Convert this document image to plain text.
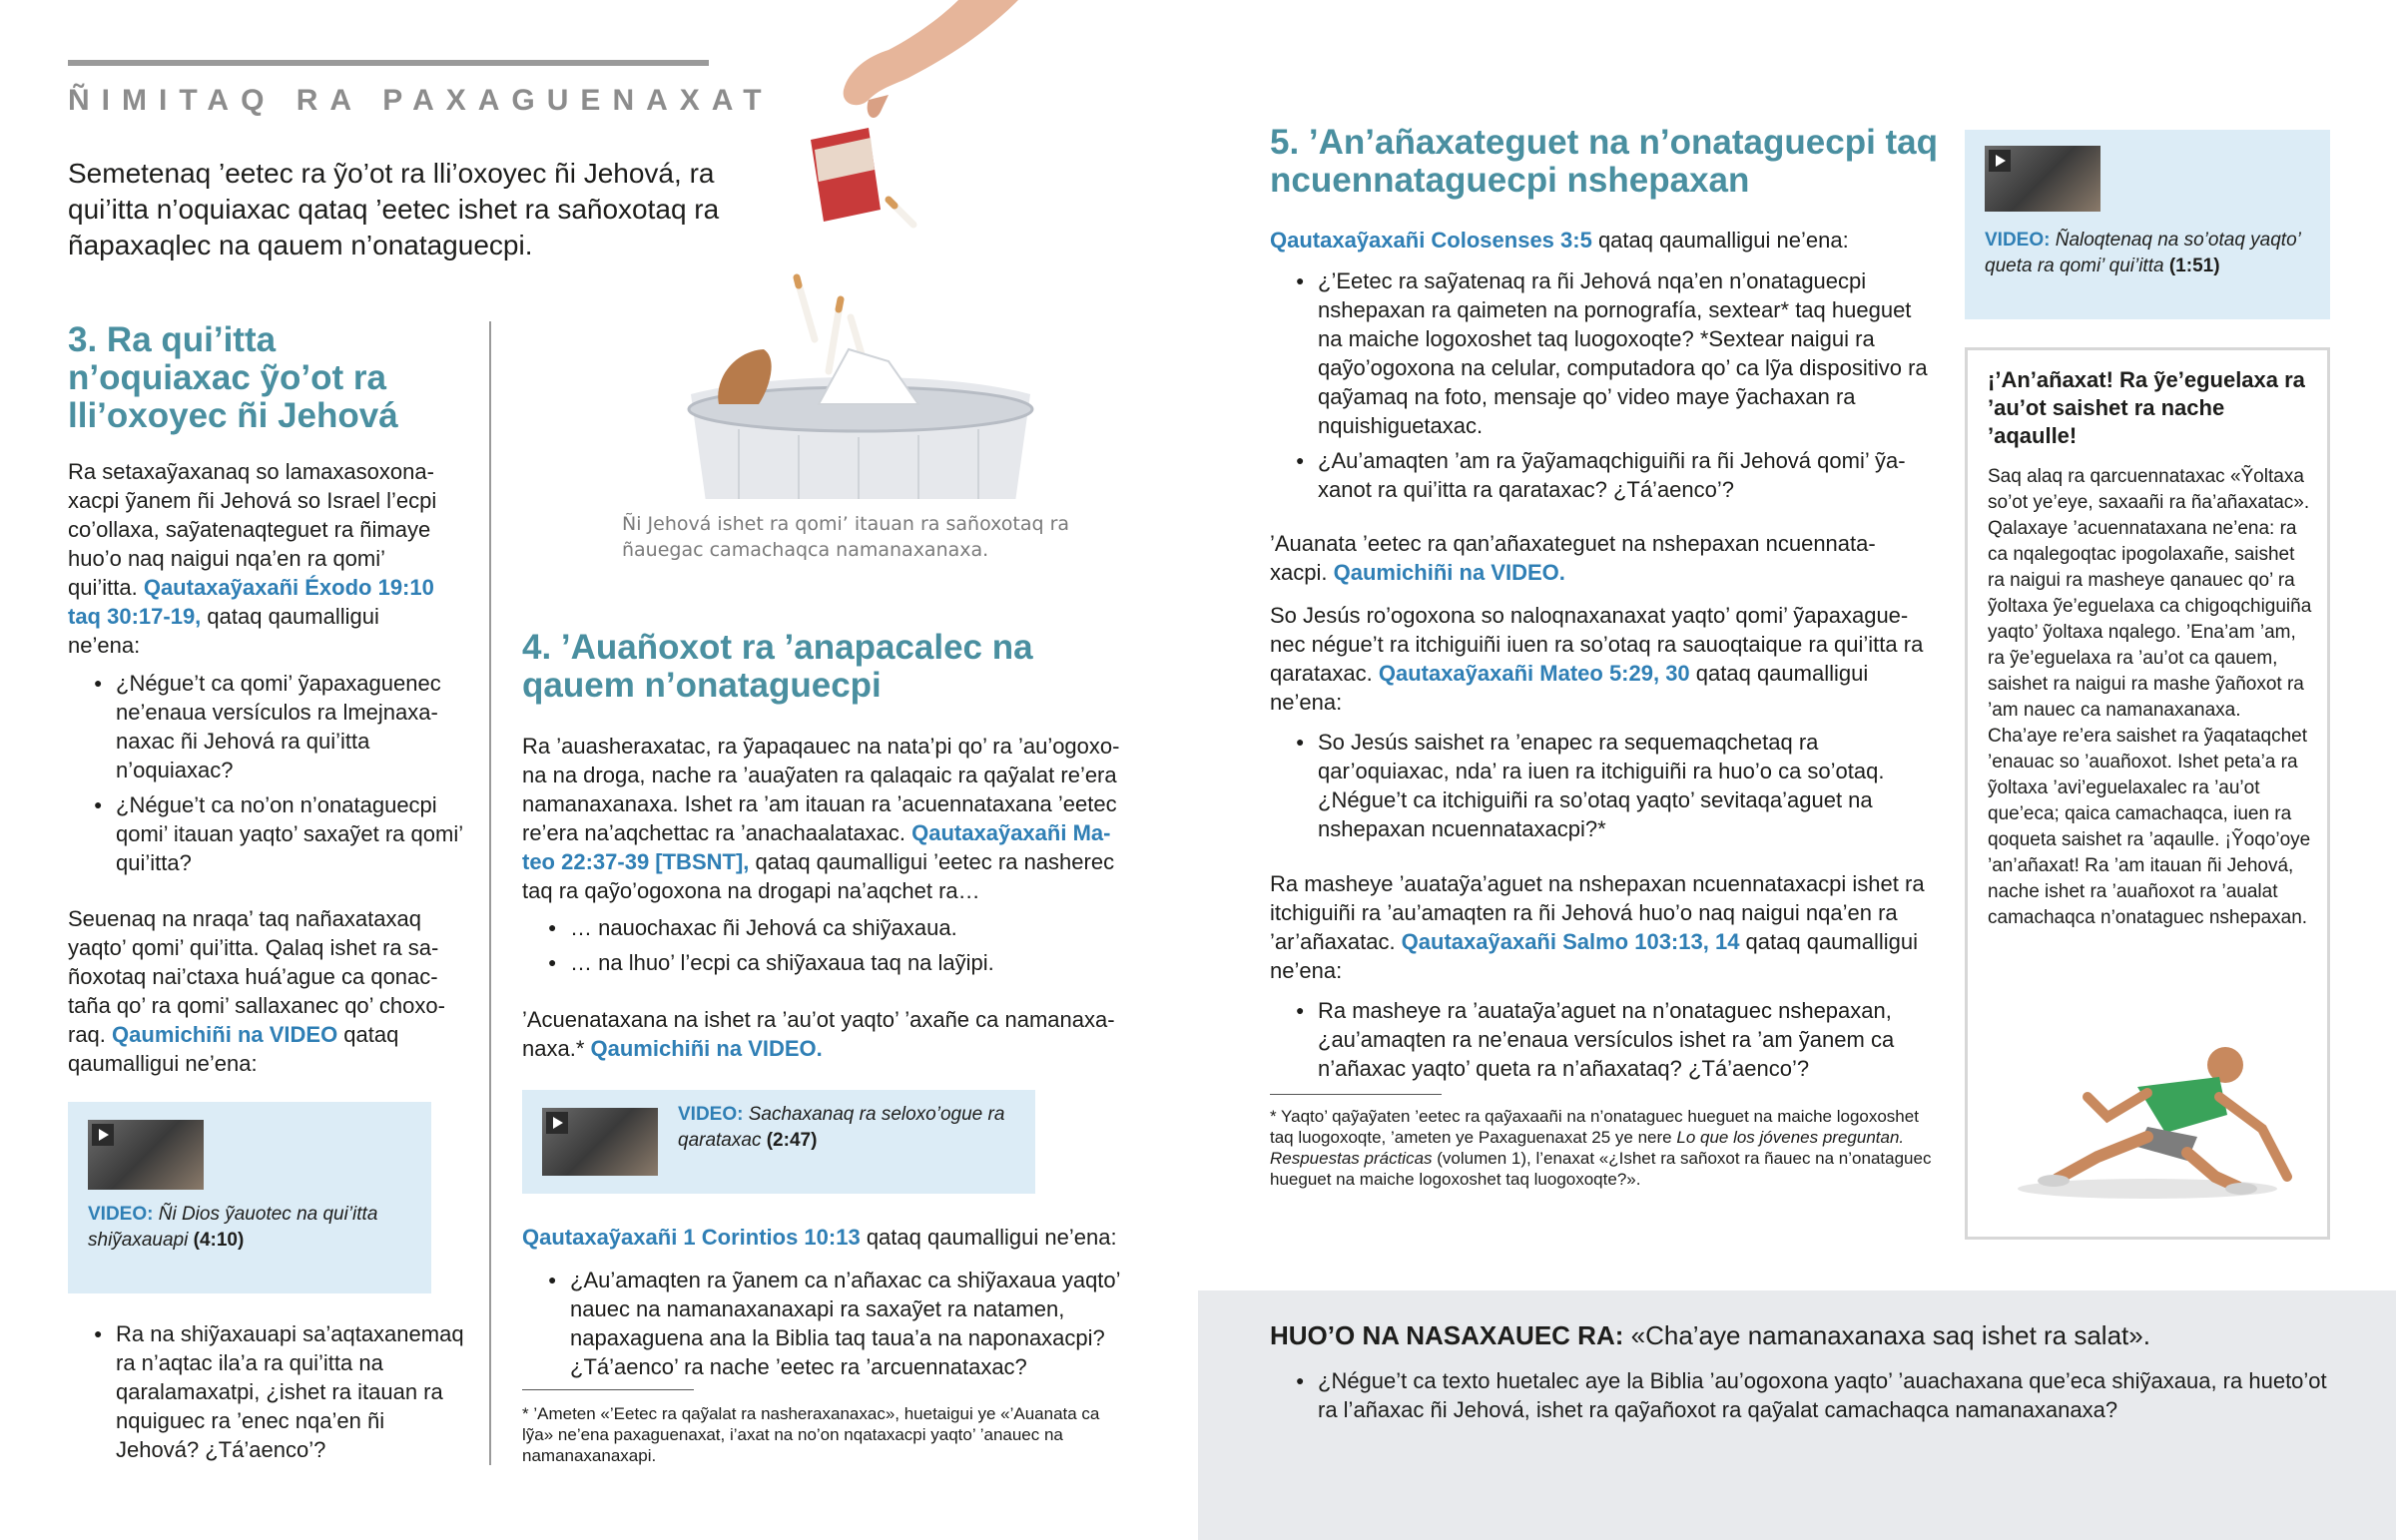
ÑIMITAQ RA PAXAGUENAXAT
Semetenaq ’eetec ra ỹo’ot ra lli’oxoyec ñi Jehová, ra qui’itta n’oquiaxac qataq ’eetec ishet ra sañoxotaq ra ñapaxaqlec na qauem n’onataguecpi.
3. Ra qui’itta n’oquiaxac ỹo’ot ra lli’oxoyec ñi Jehová

Ra setaxaỹaxanaq so lamaxasoxonaxacpi ỹanem ñi Jehová so Israel l’ecpi co’ollaxa, saỹatenaqteguet ra ñimaye huo’o naq naigui nqa’en ra qomi’ qui’itta. Qautaxaỹaxañi Éxodo 19:10 taq 30:17-19, qataq qaumalligui ne’ena:

● ¿Négue’t ca qomi’ ỹapaxaguenec ne’enaua versículos ra lmejnaxanaxac ñi Jehová ra qui’itta n’oquiaxac?
● ¿Négue’t ca no’on n’onataguecpi qomi’ itauan yaqto’ saxaỹet ra qomi’ qui’itta?

Seuenaq na nraqa’ taq nañaxataxaq yaqto’ qomi’ qui’itta. Qalaq ishet ra sañoxotaq nai’ctaxa huá’ague ca qonactaña qo’ ra qomi’ sallaxanec qo’ choxoraq. Qaumichiñi na VIDEO qataq qaumalligui ne’ena:

VIDEO: Ñi Dios ỹauotec na qui’itta shiỹaxauapi (4:10)
● Ra na shiỹaxauapi sa’aqtaxanemaq ra n’aqtac ila’a ra qui’itta na qaralamaxatpi, ¿ishet ra itauan ra nquiguec ra ’enec nqa’en ñi Jehová? ¿Tá’aenco’?
Ñi Jehová ishet ra qomi’ itauan ra sañoxotaq ra ñauegac camachaqca namanaxanaxa.
4. ’Auañoxot ra ’anapacalec na qauem n’onataguecpi

Ra ’auasheraxatac, ra ỹapaqauec na nata’pi qo’ ra ’au’ogoxona na droga, nache ra ’auaỹaten ra qalaqaic ra qaỹalat re’era namanaxanaxa. Ishet ra ’am itauan ra ’acuennataxana ’eetec re’era na’aqchettac ra ’anachaalataxac. Qautaxaỹaxañi Mateo 22:37-39 [TBSNT], qataq qaumalligui ’eetec ra nasherec taq ra qaỹo’ogoxona na drogapi na’aqchet ra…

● … nauochaxac ñi Jehová ca shiỹaxaua.
● … na lhuo’ l’ecpi ca shiỹaxaua taq na laỹipi.

’Acuenataxana na ishet ra ’au’ot yaqto’ ’axañe ca namanaxanaxa.* Qaumichiñi na VIDEO.

VIDEO: Sachaxanaq ra seloxo’ogue ra qarataxac (2:47)

Qautaxaỹaxañi 1 Corintios 10:13 qataq qaumalligui ne’ena:

● ¿Au’amaqten ra ỹanem ca n’añaxac ca shiỹaxaua yaqto’ nauec na namanaxanaxapi ra saxaỹet ra natamen, napaxaguena ana la Biblia taq taua’a na naponaxacpi? ¿Tá’aenco’ ra nache ’eetec ra ’arcuennataxac?

* ’Ameten «’Eetec ra qaỹalat ra nasheraxanaxac», huetaigui ye «’Auanata ca lỹa» ne’ena paxaguenaxat, i’axat na no’on nqataxacpi yaqto’ ’anauec na namanaxanaxapi.

5. ’An’añaxateguet na n’onataguecpi taq ncuennataguecpi nshepaxan

Qautaxaỹaxañi Colosenses 3:5 qataq qaumalligui ne’ena:

● ¿’Eetec ra saỹatenaq ra ñi Jehová nqa’en n’onataguecpi nshepaxan ra qaimeten na pornografía, sextear* taq hueguet na maiche logoxoshet taq luogoxoqte? *Sextear naigui ra qaỹo’ogoxona na celular, computadora qo’ ca lỹa dispositivo ra qaỹamaq na foto, mensaje qo’ video maye ỹachaxan ra nquishiguetaxac.
● ¿Au’amaqten ’am ra ỹaỹamaqchiguiñi ra ñi Jehová qomi’ ỹaxanot ra qui’itta ra qarataxac? ¿Tá’aenco’?

’Auanata ’eetec ra qan’añaxateguet na nshepaxan ncuennataxacpi. Qaumichiñi na VIDEO.

So Jesús ro’ogoxona so naloqnaxanaxat yaqto’ qomi’ ỹapaxaguenec négue’t ra itchiguiñi iuen ra so’otaq ra sauoqtaique ra qui’itta ra qarataxac. Qautaxaỹaxañi Mateo 5:29, 30 qataq qaumalligui ne’ena:

● So Jesús saishet ra ’enapec ra sequemaqchetaq ra qar’oquiaxac, nda’ ra iuen ra itchiguiñi ra huo’o ca so’otaq. ¿Négue’t ca itchiguiñi ra so’otaq yaqto’ sevitaqa’aguet na nshepaxan ncuennataxacpi?*

Ra masheye ’auataỹa’aguet na nshepaxan ncuennataxacpi ishet ra itchiguiñi ra ’au’amaqten ra ñi Jehová huo’o naq naigui nqa’en ra ’ar’añaxatac. Qautaxaỹaxañi Salmo 103:13, 14 qataq qaumalligui ne’ena:

● Ra masheye ra ’auataỹa’aguet na n’onataguec nshepaxan, ¿au’amaqten ra ne’enaua versículos ishet ra ’am ỹanem ca n’añaxac yaqto’ queta ra n’añaxataq? ¿Tá’aenco’?

* Yaqto’ qaỹaỹaten ’eetec ra qaỹaxaañi na n’onataguec hueguet na maiche logoxoshet taq luogoxoqte, ’ameten ye Paxaguenaxat 25 ye nere Lo que los jóvenes preguntan. Respuestas prácticas (volumen 1), l’enaxat «¿Ishet ra sañoxot ra ñauec na n’onataguec hueguet na maiche logoxoshet taq luogoxoqte?».

VIDEO: Ñaloqtenaq na so’otaq yaqto’ queta ra qomi’ qui’itta (1:51)
¡’An’añaxat! Ra ỹe’eguelaxa ra ’au’ot saishet ra nache ’aqaulle!
Saq alaq ra qarcuennataxac «Ỹoltaxa so’ot ye’eye, saxaañi ra ña’añaxatac». Qalaxaye ’acuennataxana ne’ena: ra ca nqalegoqtac ipogolaxañe, saishet ra naigui ra masheye qanauec qo’ ra ỹoltaxa ỹe’eguelaxa ca chigoqchiguiña yaqto’ ỹoltaxa nqalego. ’Ena’am ’am, ra ỹe’eguelaxa ra ’au’ot ca qauem, saishet ra naigui ra mashe ỹañoxot ra ’am nauec ca namanaxanaxa. Cha’aye re’era saishet ra ỹaqataqchet ’enauac so ’auañoxot. Ishet peta’a ra ỹoltaxa ’avi’eguelaxalec ra ’au’ot que’eca; qaica camachaqca, iuen ra qoqueta saishet ra ’aqaulle. ¡Ỹoqo’oye ’an’añaxat! Ra ’am itauan ñi Jehová, nache ishet ra ’auañoxot ra ’aualat camachaqca n’onataguec nshepaxan.
HUO’O NA NASAXAUEC RA: «Cha’aye namanaxanaxa saq ishet ra salat».
● ¿Négue’t ca texto huetalec aye la Biblia ’au’ogoxona yaqto’ ’auachaxana que’eca shiỹaxaua, ra hueto’ot ra l’añaxac ñi Jehová, ishet ra qaỹañoxot ra qaỹalat camachaqca namanaxanaxa?
